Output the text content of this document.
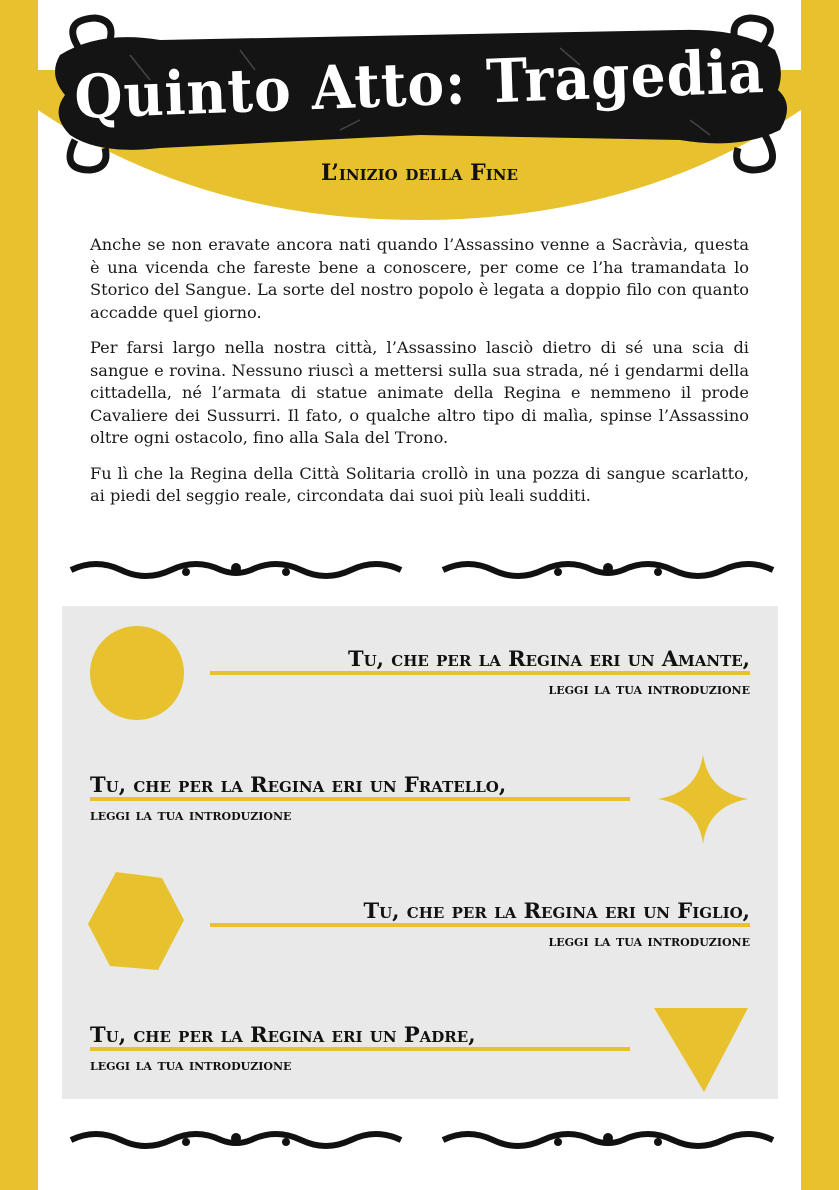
Quinto Atto: Tragedia
L’inizio della Fine

Anche se non eravate ancora nati quando l’Assassino venne a Sacràvia, questa è una vicenda che fareste bene a conoscere, per come ce l’ha tramandata lo Storico del Sangue. La sorte del nostro popolo è legata a doppio filo con quanto accadde quel giorno.

Per farsi largo nella nostra città, l’Assassino lasciò dietro di sé una scia di sangue e rovina. Nessuno riuscì a mettersi sulla sua strada, né i gendarmi della cittadella, né l’armata di statue animate della Regina e nemmeno il prode Cavaliere dei Sussurri. Il fato, o qualche altro tipo di malìa, spinse l’Assassino oltre ogni ostacolo, fino alla Sala del Trono.

Fu lì che la Regina della Città Solitaria crollò in una pozza di sangue scarlatto, ai piedi del seggio reale, circondata dai suoi più leali sudditi.

Tu, che per la Regina eri un Amante,
leggi la tua introduzione
Tu, che per la Regina eri un Fratello,
leggi la tua introduzione
Tu, che per la Regina eri un Figlio,
leggi la tua introduzione
Tu, che per la Regina eri un Padre,
leggi la tua introduzione
